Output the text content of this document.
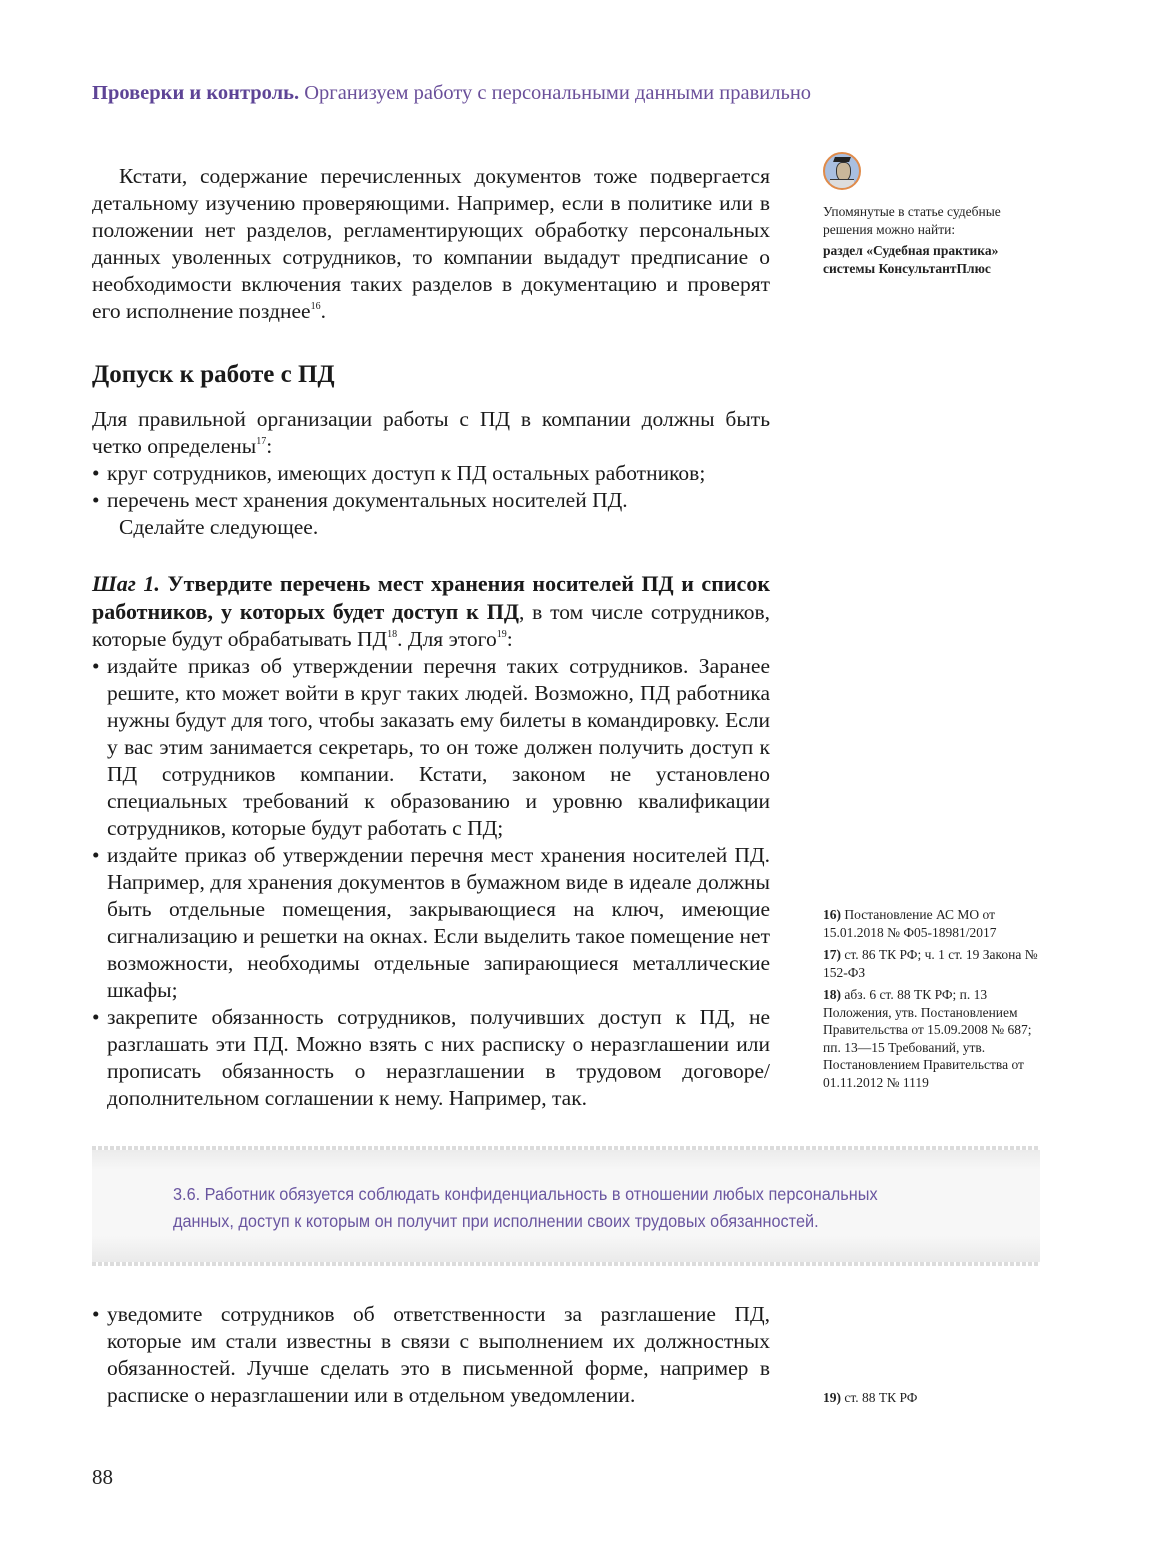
Проверки и контроль. Организуем работу с персональными данными правильно

Кстати, содержание перечисленных документов тоже подвергается детальному изучению проверяющими. Например, если в политике или в положении нет разделов, регламентирующих обработку персональных данных уволенных сотрудников, то компании выдадут предписание о необходимости включения таких разделов в документацию и проверят его исполнение позднее$^{16}$.

Упомянутые в статье судебные решения можно найти:
раздел «Судебная практика» системы КонсультантПлюс
Допуск к работе с ПД

Для правильной организации работы с ПД в компании должны быть четко определены$^{17}$:

• круг сотрудников, имеющих доступ к ПД остальных работников;
• перечень мест хранения документальных носителей ПД.

Сделайте следующее.

Шаг 1. Утвердите перечень мест хранения носителей ПД и список работников, у которых будет доступ к ПД, в том числе сотрудников, которые будут обрабатывать ПД$^{18}$. Для этого$^{19}$:

• издайте приказ об утверждении перечня таких сотрудников. Заранее решите, кто может войти в круг таких людей. Возможно, ПД работника нужны будут для того, чтобы заказать ему билеты в командировку. Если у вас этим занимается секретарь, то он тоже должен получить доступ к ПД сотрудников компании. Кстати, законом не установлено специальных требований к образованию и уровню квалификации сотрудников, которые будут работать с ПД;
• издайте приказ об утверждении перечня мест хранения носителей ПД. Например, для хранения документов в бумажном виде в идеале должны быть отдельные помещения, закрывающиеся на ключ, имеющие сигнализацию и решетки на окнах. Если выделить такое помещение нет возможности, необходимы отдельные запирающиеся металлические шкафы;
• закрепите обязанность сотрудников, получивших доступ к ПД, не разглашать эти ПД. Можно взять с них расписку о неразглашении или прописать обязанность о неразглашении в трудовом договоре/дополнительном соглашении к нему. Например, так.
16) Постановление АС МО от 15.01.2018 № Ф05-18981/2017
17) ст. 86 ТК РФ; ч. 1 ст. 19 Закона № 152-ФЗ
18) абз. 6 ст. 88 ТК РФ; п. 13 Положения, утв. Постановлением Правительства от 15.09.2008 № 687; пп. 13—15 Требований, утв. Постановлением Правительства от 01.11.2012 № 1119
3.6. Работник обязуется соблюдать конфиденциальность в отношении любых персональных данных, доступ к которым он получит при исполнении своих трудовых обязанностей.
• уведомите сотрудников об ответственности за разглашение ПД, которые им стали известны в связи с выполнением их должностных обязанностей. Лучше сделать это в письменной форме, например в расписке о неразглашении или в отдельном уведомлении.	19) ст. 88 ТК РФ
88
